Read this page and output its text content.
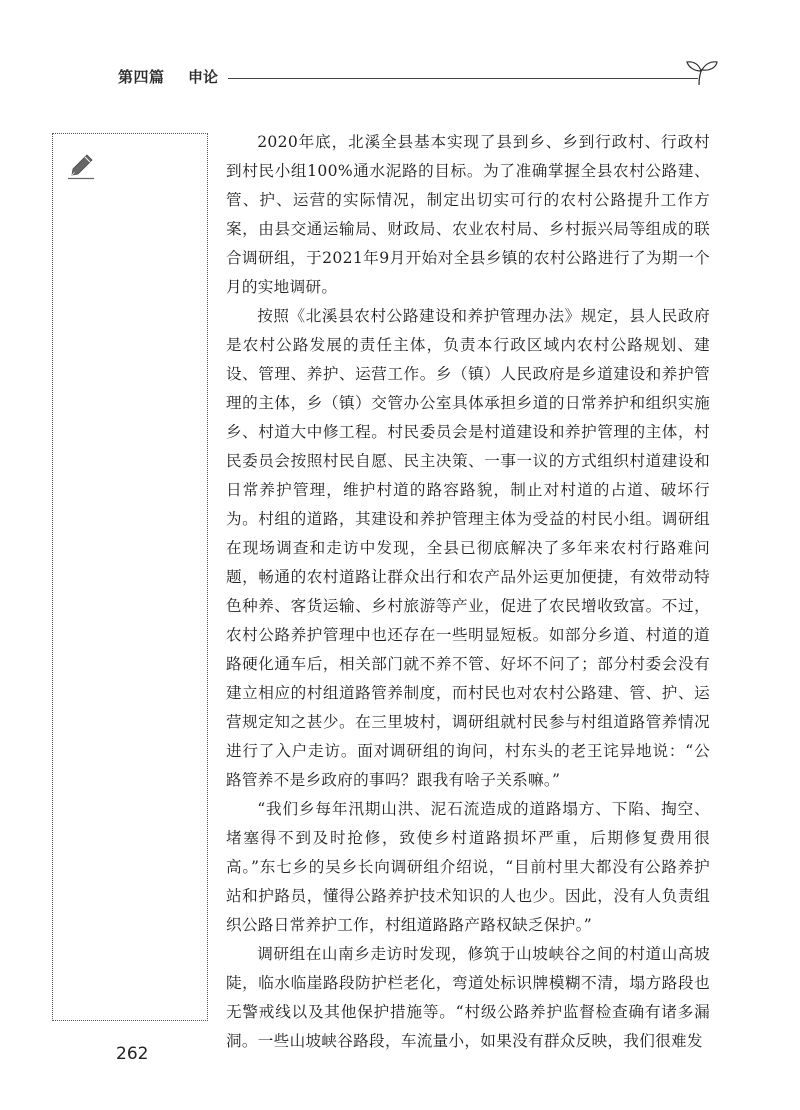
第四篇 申论

2020年底，北溪全县基本实现了县到乡、乡到行政村、行政村到村民小组100%通水泥路的目标。为了准确掌握全县农村公路建、管、护、运营的实际情况，制定出切实可行的农村公路提升工作方案，由县交通运输局、财政局、农业农村局、乡村振兴局等组成的联合调研组，于2021年9月开始对全县乡镇的农村公路进行了为期一个月的实地调研。

按照《北溪县农村公路建设和养护管理办法》规定，县人民政府是农村公路发展的责任主体，负责本行政区域内农村公路规划、建设、管理、养护、运营工作。乡（镇）人民政府是乡道建设和养护管理的主体，乡（镇）交管办公室具体承担乡道的日常养护和组织实施乡、村道大中修工程。村民委员会是村道建设和养护管理的主体，村民委员会按照村民自愿、民主决策、一事一议的方式组织村道建设和日常养护管理，维护村道的路容路貌，制止对村道的占道、破坏行为。村组的道路，其建设和养护管理主体为受益的村民小组。调研组在现场调查和走访中发现，全县已彻底解决了多年来农村行路难问题，畅通的农村道路让群众出行和农产品外运更加便捷，有效带动特色种养、客货运输、乡村旅游等产业，促进了农民增收致富。不过，农村公路养护管理中也还存在一些明显短板。如部分乡道、村道的道路硬化通车后，相关部门就不养不管、好坏不问了；部分村委会没有建立相应的村组道路管养制度，而村民也对农村公路建、管、护、运营规定知之甚少。在三里坡村，调研组就村民参与村组道路管养情况进行了入户走访。面对调研组的询问，村东头的老王诧异地说：“公路管养不是乡政府的事吗？跟我有啥子关系嘛。”

“我们乡每年汛期山洪、泥石流造成的道路塌方、下陷、掏空、堵塞得不到及时抢修，致使乡村道路损坏严重，后期修复费用很高。”东七乡的吴乡长向调研组介绍说，“目前村里大都没有公路养护站和护路员，懂得公路养护技术知识的人也少。因此，没有人负责组织公路日常养护工作，村组道路路产路权缺乏保护。”

调研组在山南乡走访时发现，修筑于山坡峡谷之间的村道山高坡陡，临水临崖路段防护栏老化，弯道处标识牌模糊不清，塌方路段也无警戒线以及其他保护措施等。“村级公路养护监督检查确有诸多漏洞。一些山坡峡谷路段，车流量小，如果没有群众反映，我们很难发

262
